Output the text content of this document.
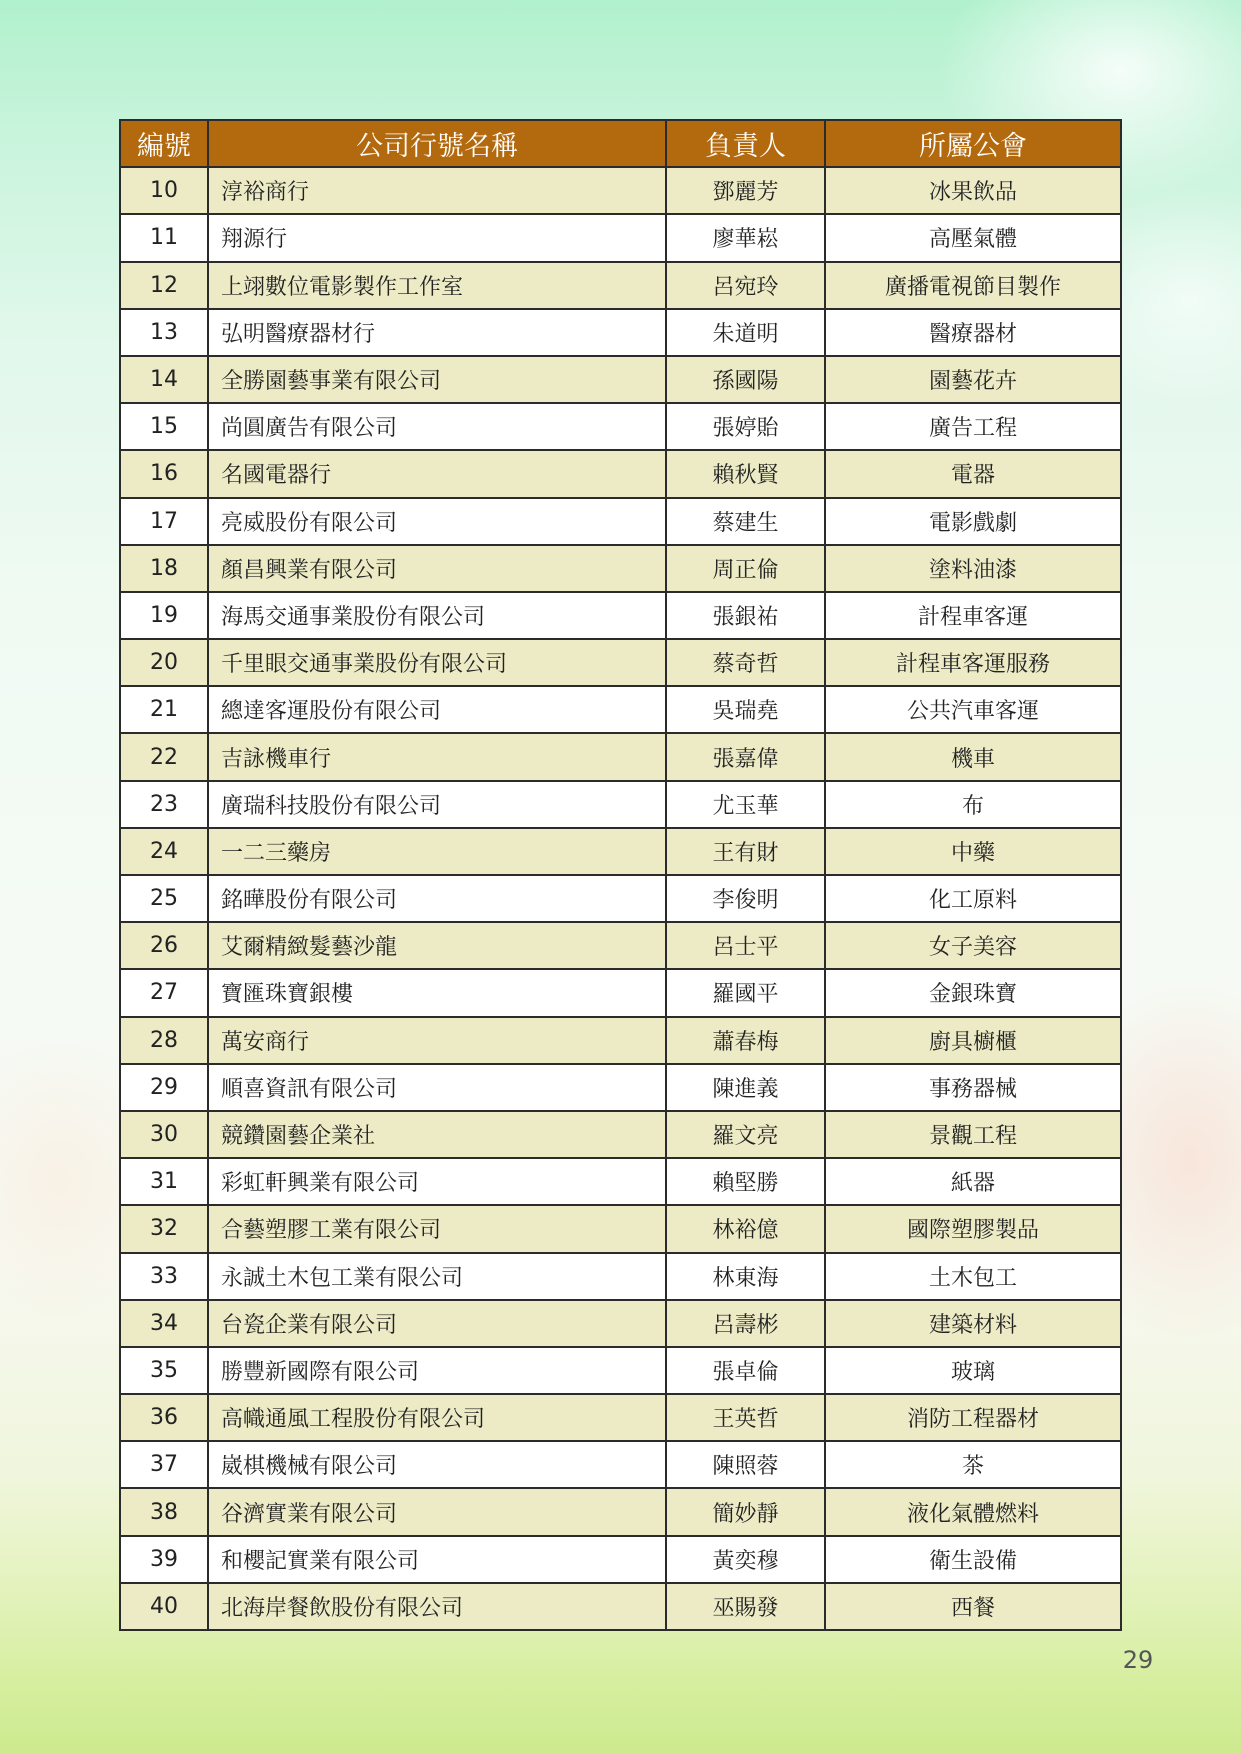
編號	公司行號名稱	負責人	所屬公會
10	淳裕商行	鄧麗芳	冰果飲品
11	翔源行	廖華崧	高壓氣體
12	上翊數位電影製作工作室	呂宛玲	廣播電視節目製作
13	弘明醫療器材行	朱道明	醫療器材
14	全勝園藝事業有限公司	孫國陽	園藝花卉
15	尚圓廣告有限公司	張婷貽	廣告工程
16	名國電器行	賴秋賢	電器
17	亮威股份有限公司	蔡建生	電影戲劇
18	顏昌興業有限公司	周正倫	塗料油漆
19	海馬交通事業股份有限公司	張銀祐	計程車客運
20	千里眼交通事業股份有限公司	蔡奇哲	計程車客運服務
21	總達客運股份有限公司	吳瑞堯	公共汽車客運
22	吉詠機車行	張嘉偉	機車
23	廣瑞科技股份有限公司	尤玉華	布
24	一二三藥房	王有財	中藥
25	銘曄股份有限公司	李俊明	化工原料
26	艾爾精緻髮藝沙龍	呂士平	女子美容
27	寶匯珠寶銀樓	羅國平	金銀珠寶
28	萬安商行	蕭春梅	廚具櫥櫃
29	順喜資訊有限公司	陳進義	事務器械
30	競鑽園藝企業社	羅文亮	景觀工程
31	彩虹軒興業有限公司	賴堅勝	紙器
32	合藝塑膠工業有限公司	林裕億	國際塑膠製品
33	永誠土木包工業有限公司	林東海	土木包工
34	台瓷企業有限公司	呂壽彬	建築材料
35	勝豐新國際有限公司	張卓倫	玻璃
36	高幟通風工程股份有限公司	王英哲	消防工程器材
37	崴棋機械有限公司	陳照蓉	茶
38	谷濟實業有限公司	簡妙靜	液化氣體燃料
39	和櫻記實業有限公司	黃奕穆	衛生設備
40	北海岸餐飲股份有限公司	巫賜發	西餐
29
